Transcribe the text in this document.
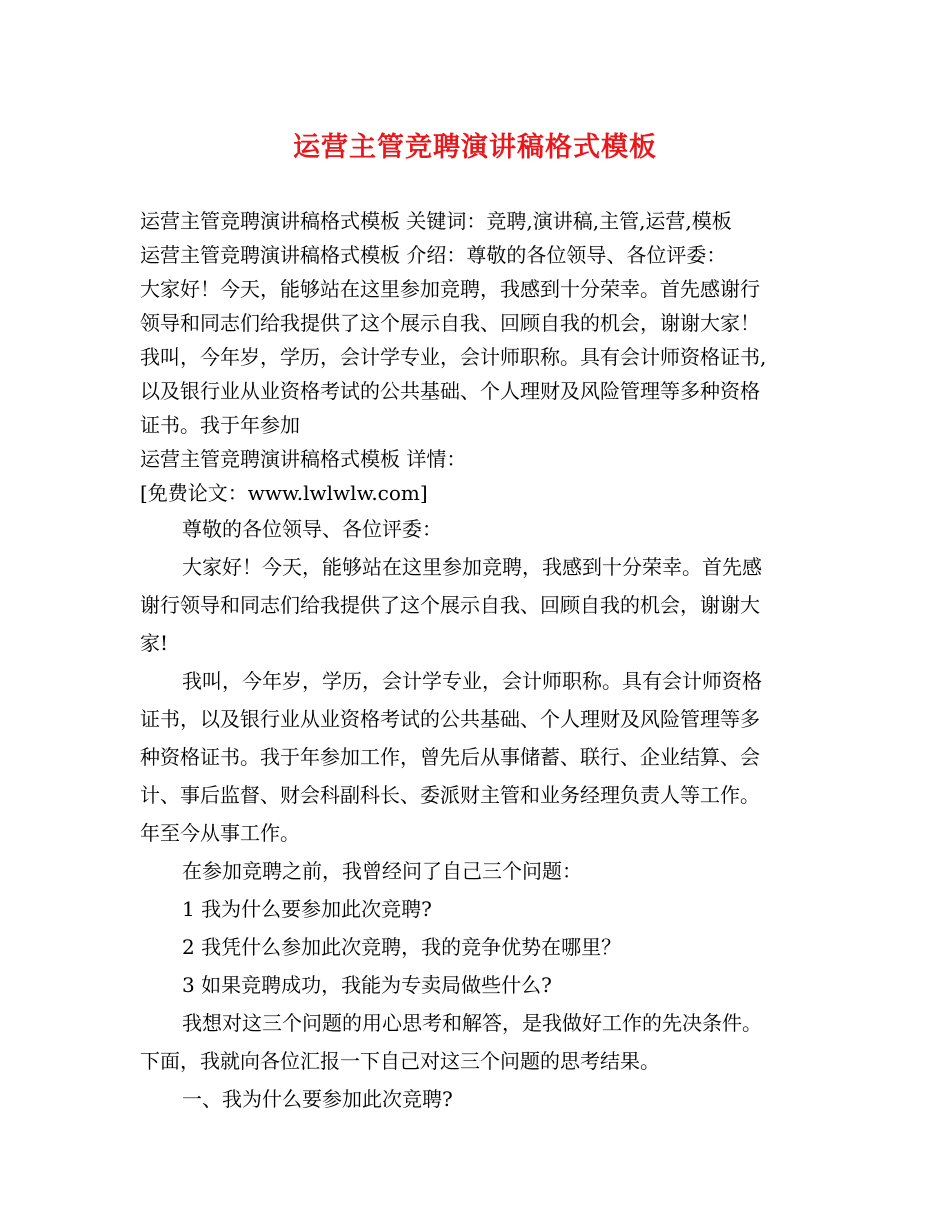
运营主管竞聘演讲稿格式模板
运营主管竞聘演讲稿格式模板 关键词：竞聘,演讲稿,主管,运营,模板
运营主管竞聘演讲稿格式模板 介绍：尊敬的各位领导、各位评委：
大家好！今天，能够站在这里参加竞聘，我感到十分荣幸。首先感谢行
领导和同志们给我提供了这个展示自我、回顾自我的机会，谢谢大家！
我叫，今年岁，学历，会计学专业，会计师职称。具有会计师资格证书,
以及银行业从业资格考试的公共基础、个人理财及风险管理等多种资格
证书。我于年参加
运营主管竞聘演讲稿格式模板 详情：
[免费论文：www.lwlwlw.com]
尊敬的各位领导、各位评委：
大家好！今天，能够站在这里参加竞聘，我感到十分荣幸。首先感
谢行领导和同志们给我提供了这个展示自我、回顾自我的机会，谢谢大
家!
我叫，今年岁，学历，会计学专业，会计师职称。具有会计师资格
证书，以及银行业从业资格考试的公共基础、个人理财及风险管理等多
种资格证书。我于年参加工作，曾先后从事储蓄、联行、企业结算、会
计、事后监督、财会科副科长、委派财主管和业务经理负责人等工作。
年至今从事工作。
在参加竞聘之前，我曾经问了自己三个问题：
1 我为什么要参加此次竞聘?
2 我凭什么参加此次竞聘，我的竞争优势在哪里？
3 如果竞聘成功，我能为专卖局做些什么?
我想对这三个问题的用心思考和解答，是我做好工作的先决条件。
下面，我就向各位汇报一下自己对这三个问题的思考结果。
一、我为什么要参加此次竞聘?
